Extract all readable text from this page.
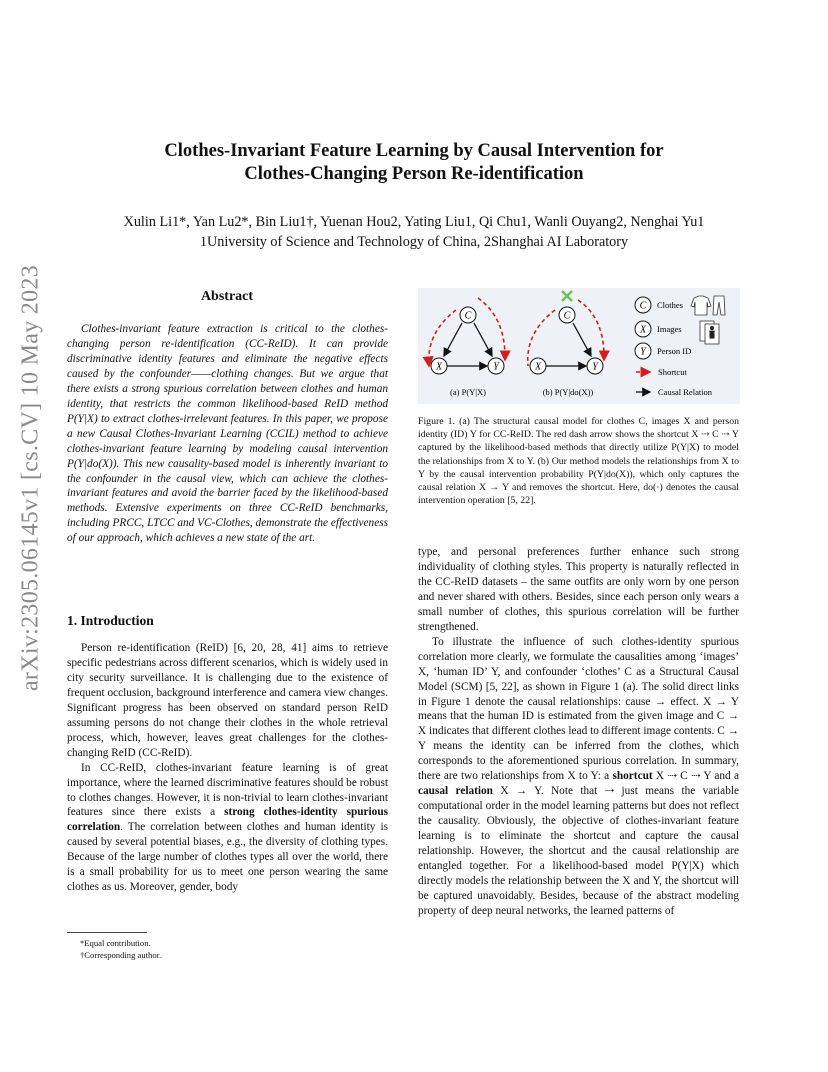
arXiv:2305.06145v1 [cs.CV] 10 May 2023
Clothes-Invariant Feature Learning by Causal Intervention for
Clothes-Changing Person Re-identification
Xulin Li1*, Yan Lu2*, Bin Liu1†, Yuenan Hou2, Yating Liu1, Qi Chu1, Wanli Ouyang2, Nenghai Yu1
1University of Science and Technology of China, 2Shanghai AI Laboratory
Abstract

Clothes-invariant feature extraction is critical to the clothes-changing person re-identification (CC-ReID). It can provide discriminative identity features and eliminate the negative effects caused by the confounder——clothing changes. But we argue that there exists a strong spurious correlation between clothes and human identity, that restricts the common likelihood-based ReID method P(Y|X) to extract clothes-irrelevant features. In this paper, we propose a new Causal Clothes-Invariant Learning (CCIL) method to achieve clothes-invariant feature learning by modeling causal intervention P(Y|do(X)). This new causality-based model is inherently invariant to the confounder in the causal view, which can achieve the clothes-invariant features and avoid the barrier faced by the likelihood-based methods. Extensive experiments on three CC-ReID benchmarks, including PRCC, LTCC and VC-Clothes, demonstrate the effectiveness of our approach, which achieves a new state of the art.

1. Introduction

Person re-identification (ReID) [6, 20, 28, 41] aims to retrieve specific pedestrians across different scenarios, which is widely used in city security surveillance. It is challenging due to the existence of frequent occlusion, background interference and camera view changes. Significant progress has been observed on standard person ReID assuming persons do not change their clothes in the whole retrieval process, which, however, leaves great challenges for the clothes-changing ReID (CC-ReID).

In CC-ReID, clothes-invariant feature learning is of great importance, where the learned discriminative features should be robust to clothes changes. However, it is non-trivial to learn clothes-invariant features since there exists a strong clothes-identity spurious correlation. The correlation between clothes and human identity is caused by several potential biases, e.g., the diversity of clothing types. Because of the large number of clothes types all over the world, there is a small probability for us to meet one person wearing the same clothes as us. Moreover, gender, body

*Equal contribution.
†Corresponding author.
C
X	Y
(a) P(Y|X)
C
X	Y
(b) P(Y|do(X))
C Clothes
X Images
Y Person ID
Shortcut
Causal Relation
Figure 1. (a) The structural causal model for clothes C, images X and person identity (ID) Y for CC-ReID. The red dash arrow shows the shortcut X ⇢ C ⇢ Y captured by the likelihood-based methods that directly utilize P(Y|X) to model the relationships from X to Y. (b) Our method models the relationships from X to Y by the causal intervention probability P(Y|do(X)), which only captures the causal relation X → Y and removes the shortcut. Here, do(·) denotes the causal intervention operation [5, 22].

type, and personal preferences further enhance such strong individuality of clothing styles. This property is naturally reflected in the CC-ReID datasets – the same outfits are only worn by one person and never shared with others. Besides, since each person only wears a small number of clothes, this spurious correlation will be further strengthened.

To illustrate the influence of such clothes-identity spurious correlation more clearly, we formulate the causalities among ‘images’ X, ‘human ID’ Y, and confounder ‘clothes’ C as a Structural Causal Model (SCM) [5, 22], as shown in Figure 1 (a). The solid direct links in Figure 1 denote the causal relationships: cause → effect. X → Y means that the human ID is estimated from the given image and C → X indicates that different clothes lead to different image contents. C → Y means the identity can be inferred from the clothes, which corresponds to the aforementioned spurious correlation. In summary, there are two relationships from X to Y: a shortcut X ⇢ C ⇢ Y and a causal relation X → Y. Note that ⇢ just means the variable computational order in the model learning patterns but does not reflect the causality. Obviously, the objective of clothes-invariant feature learning is to eliminate the shortcut and capture the causal relationship. However, the shortcut and the causal relationship are entangled together. For a likelihood-based model P(Y|X) which directly models the relationship between the X and Y, the shortcut will be captured unavoidably. Besides, because of the abstract modeling property of deep neural networks, the learned patterns of
